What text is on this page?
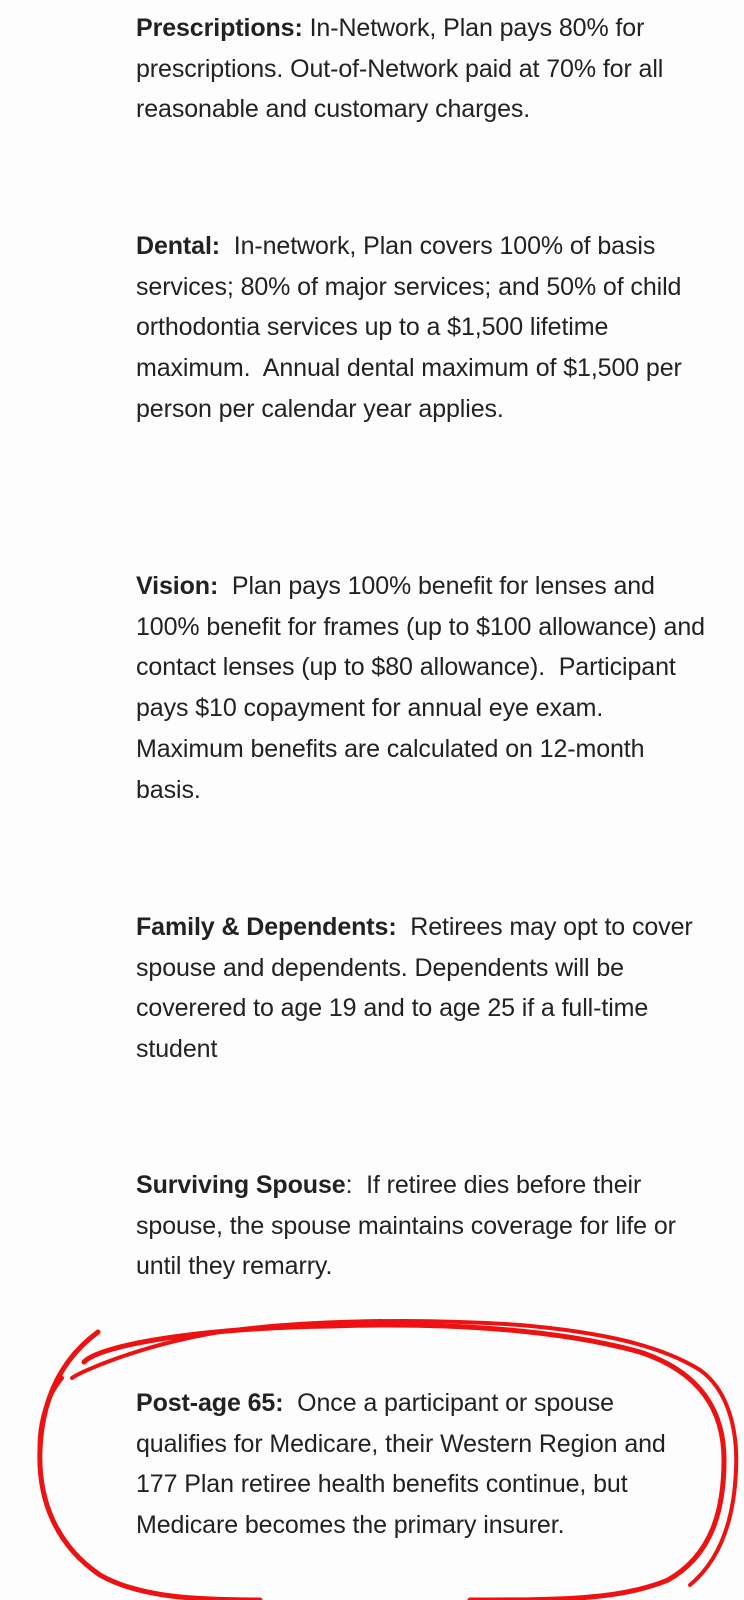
Prescriptions: In-Network, Plan pays 80% for prescriptions. Out-of-Network paid at 70% for all reasonable and customary charges.
Dental:  In-network, Plan covers 100% of basis services; 80% of major services; and 50% of child orthodontia services up to a $1,500 lifetime maximum.  Annual dental maximum of $1,500 per person per calendar year applies.
Vision:  Plan pays 100% benefit for lenses and 100% benefit for frames (up to $100 allowance) and contact lenses (up to $80 allowance).  Participant pays $10 copayment for annual eye exam.  Maximum benefits are calculated on 12-month basis.
Family & Dependents:  Retirees may opt to cover spouse and dependents. Dependents will be coverered to age 19 and to age 25 if a full-time student
Surviving Spouse:  If retiree dies before their spouse, the spouse maintains coverage for life or until they remarry.
Post-age 65:  Once a participant or spouse qualifies for Medicare, their Western Region and 177 Plan retiree health benefits continue, but Medicare becomes the primary insurer.
